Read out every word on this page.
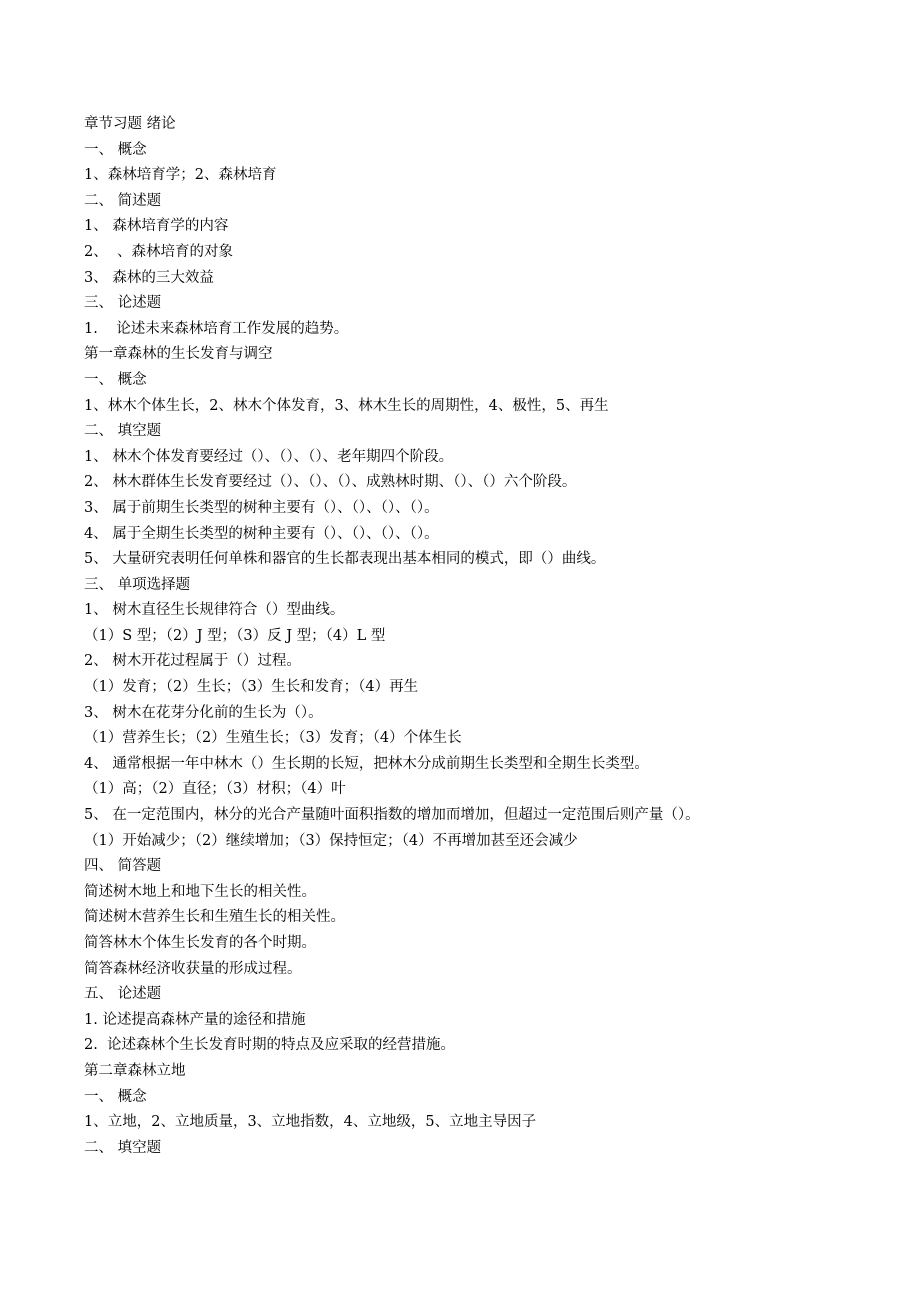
章节习题 绪论
一、 概念
1、森林培育学；2、森林培育
二、 简述题
1、 森林培育学的内容
2、  、森林培育的对象
3、 森林的三大效益
三、 论述题
1.    论述未来森林培育工作发展的趋势。
第一章森林的生长发育与调空
一、 概念
1、林木个体生长，2、林木个体发育，3、林木生长的周期性，4、极性，5、再生
二、 填空题
1、 林木个体发育要经过（）、（）、（）、老年期四个阶段。
2、 林木群体生长发育要经过（）、（）、（）、成熟林时期、（）、（）六个阶段。
3、 属于前期生长类型的树种主要有（）、（）、（）、（）。
4、 属于全期生长类型的树种主要有（）、（）、（）、（）。
5、 大量研究表明任何单株和器官的生长都表现出基本相同的模式，即（）曲线。
三、 单项选择题
1、 树木直径生长规律符合（）型曲线。
（1）S 型；（2）J 型；（3）反 J 型；（4）L 型
2、 树木开花过程属于（）过程。
（1）发育；（2）生长；（3）生长和发育；（4）再生
3、 树木在花芽分化前的生长为（）。
（1）营养生长；（2）生殖生长；（3）发育；（4）个体生长
4、 通常根据一年中林木（）生长期的长短，把林木分成前期生长类型和全期生长类型。
（1）高；（2）直径；（3）材积；（4）叶
5、 在一定范围内，林分的光合产量随叶面积指数的增加而增加，但超过一定范围后则产量（）。
（1）开始减少；（2）继续增加；（3）保持恒定；（4）不再增加甚至还会减少
四、 简答题
简述树木地上和地下生长的相关性。
简述树木营养生长和生殖生长的相关性。
简答林木个体生长发育的各个时期。
简答森林经济收获量的形成过程。
五、 论述题
1. 论述提高森林产量的途径和措施
2.  论述森林个生长发育时期的特点及应采取的经营措施。
第二章森林立地
一、 概念
1、立地，2、立地质量，3、立地指数，4、立地级，5、立地主导因子
二、 填空题
